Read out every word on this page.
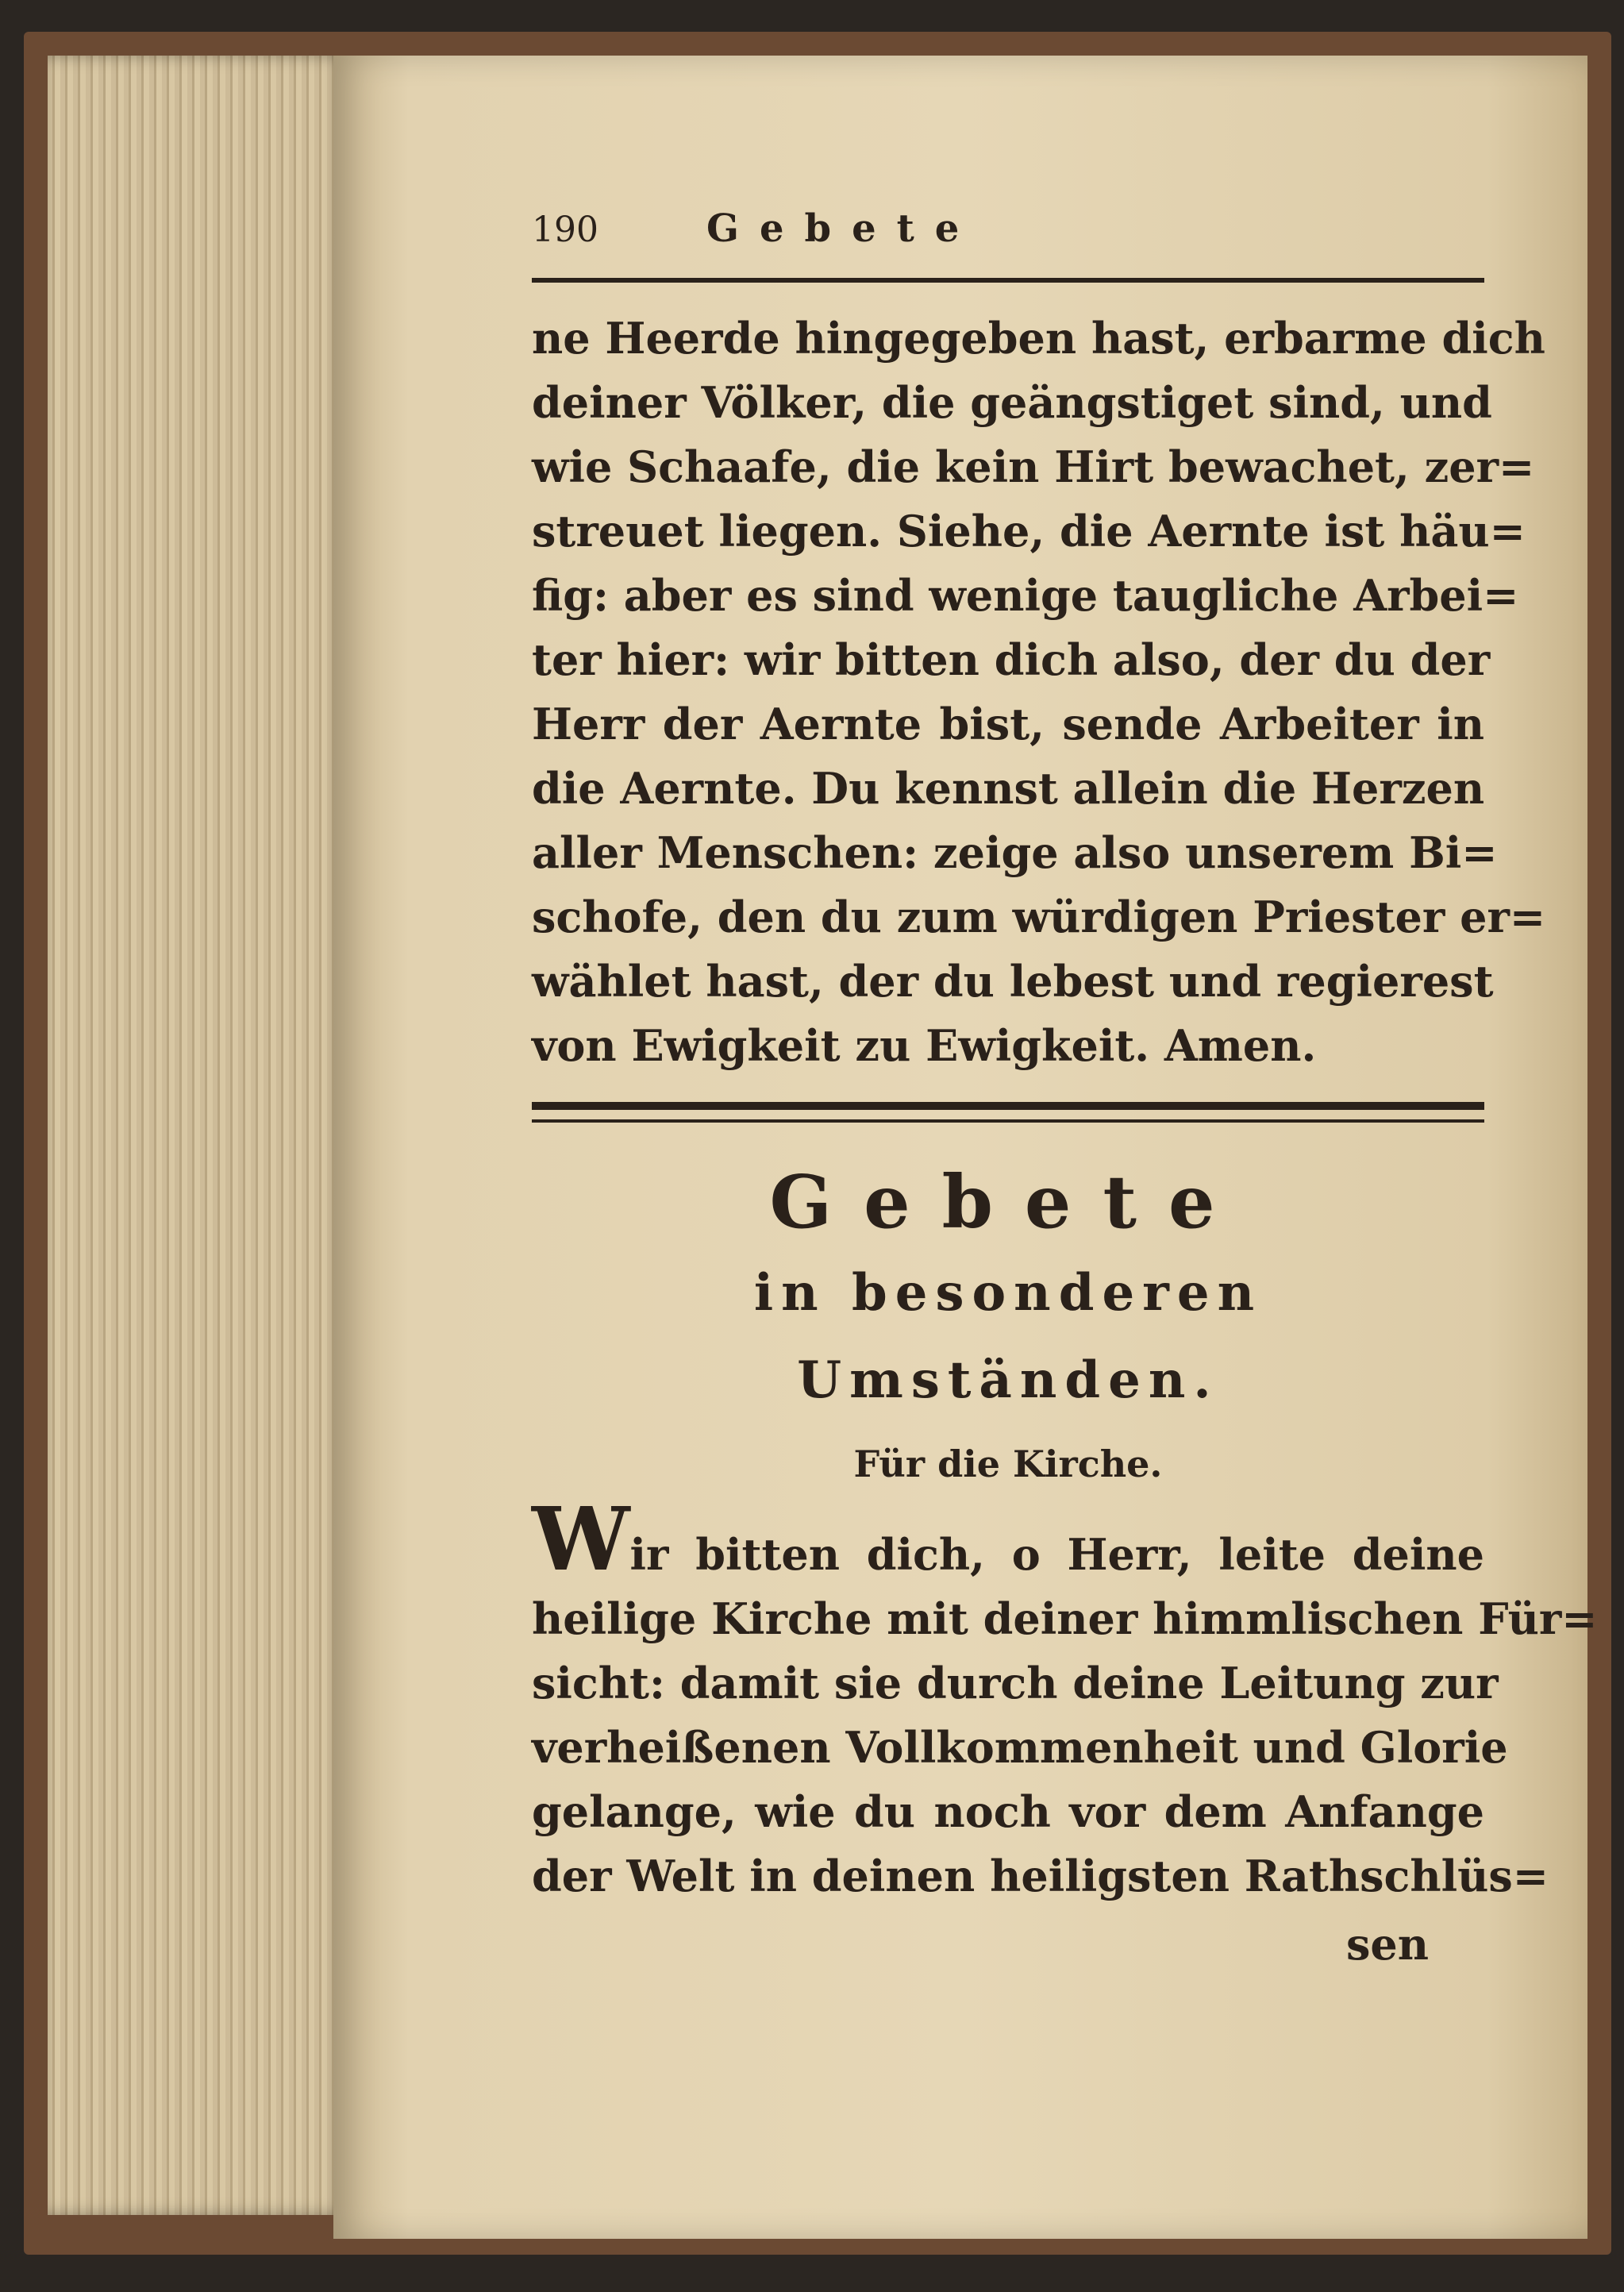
190	Gebete
ne Heerde hingegeben hast, erbarme dich
deiner Völker, die geängstiget sind, und
wie Schaafe, die kein Hirt bewachet, zer=
streuet liegen. Siehe, die Aernte ist häu=
fig: aber es sind wenige taugliche Arbei=
ter hier: wir bitten dich also, der du der
Herr der Aernte bist, sende Arbeiter in
die Aernte. Du kennst allein die Herzen
aller Menschen: zeige also unserem Bi=
schofe, den du zum würdigen Priester er=
wählet hast, der du lebest und regierest
von Ewigkeit zu Ewigkeit. Amen.
Gebete
in besonderen Umständen.
Für die Kirche.
Wir bitten dich, o Herr, leite deine
heilige Kirche mit deiner himmlischen Für=
sicht: damit sie durch deine Leitung zur
verheißenen Vollkommenheit und Glorie
gelange, wie du noch vor dem Anfange
der Welt in deinen heiligsten Rathschlüs=
sen
